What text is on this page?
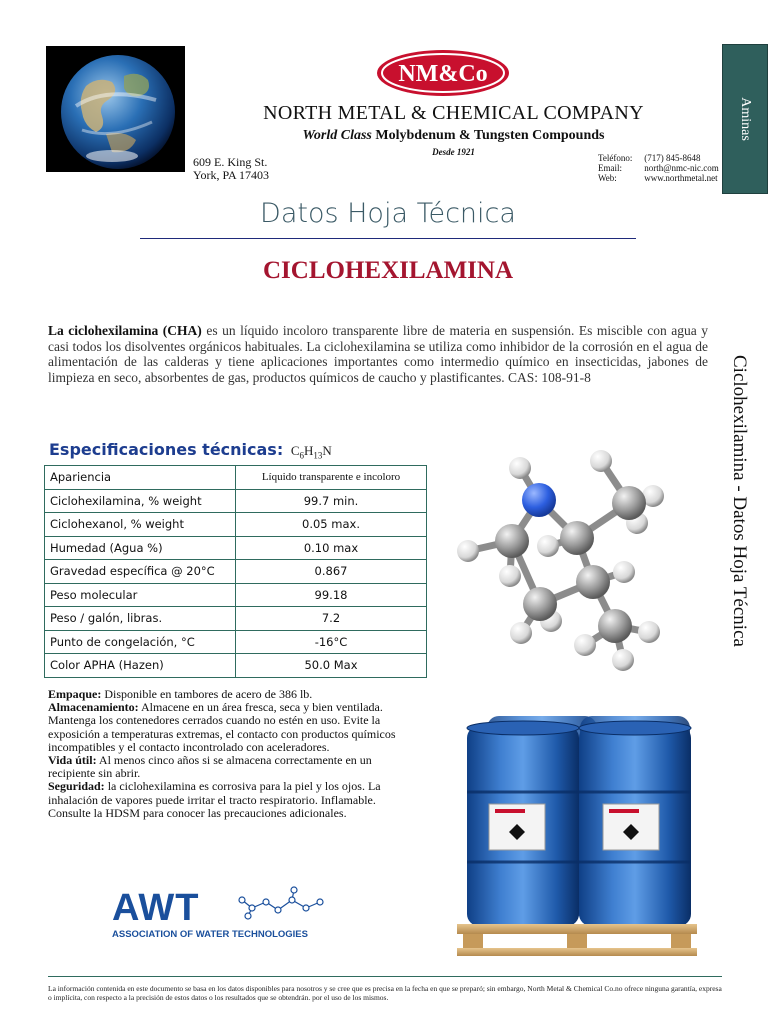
NM&Co
NORTH METAL & CHEMICAL COMPANY
World Class Molybdenum & Tungsten Compounds
Desde 1921
609 E. King St.
York, PA 17403
Teléfono: (717) 845-8648
Email: north@nmc-nic.com
Web:	www.northmetal.net
Aminas
Datos Hoja Técnica
CICLOHEXILAMINA
La ciclohexilamina (CHA) es un líquido incoloro transparente libre de materia en suspensión. Es miscible con agua y casi todos los disolventes orgánicos habituales. La ciclohexilamina se utiliza como inhibidor de la corrosión en el agua de alimentación de las calderas y tiene aplicaciones importantes como intermedio químico en insecticidas, jabones de limpieza en seco, absorbentes de gas, productos químicos de caucho y plastificantes. CAS: 108-91-8	Ciclohexilamina - Datos Hoja Técnica
Especificaciones técnicas: $C_6H_{13}N$
Apariencia	Líquido transparente e incoloro
Ciclohexilamina, % weight	99.7 min.
Ciclohexanol, % weight	0.05 max.
Humedad (Agua %)	0.10 max
Gravedad específica @ 20°C	0.867
Peso molecular	99.18
Peso / galón, libras.	7.2
Punto de congelación, °C	-16°C
Color APHA (Hazen)	50.0 Max
Empaque: Disponible en tambores de acero de 386 lb.
Almacenamiento: Almacene en un área fresca, seca y bien ventilada. Mantenga los contenedores cerrados cuando no estén en uso. Evite la exposición a temperaturas extremas, el contacto con productos químicos incompatibles y el contacto incontrolado con aceleradores.
Vida útil: Al menos cinco años si se almacena correctamente en un recipiente sin abrir.
Seguridad: la ciclohexilamina es corrosiva para la piel y los ojos. La inhalación de vapores puede irritar el tracto respiratorio. Inflamable. Consulte la HDSM para conocer las precauciones adicionales.
AWT
ASSOCIATION OF WATER TECHNOLOGIES
La información contenida en este documento se basa en los datos disponibles para nosotros y se cree que es precisa en la fecha en que se preparó; sin embargo, North Metal & Chemical Co.no ofrece ninguna garantía, expresa o implícita, con respecto a la precisión de estos datos o los resultados que se obtendrán. por el uso de los mismos.
